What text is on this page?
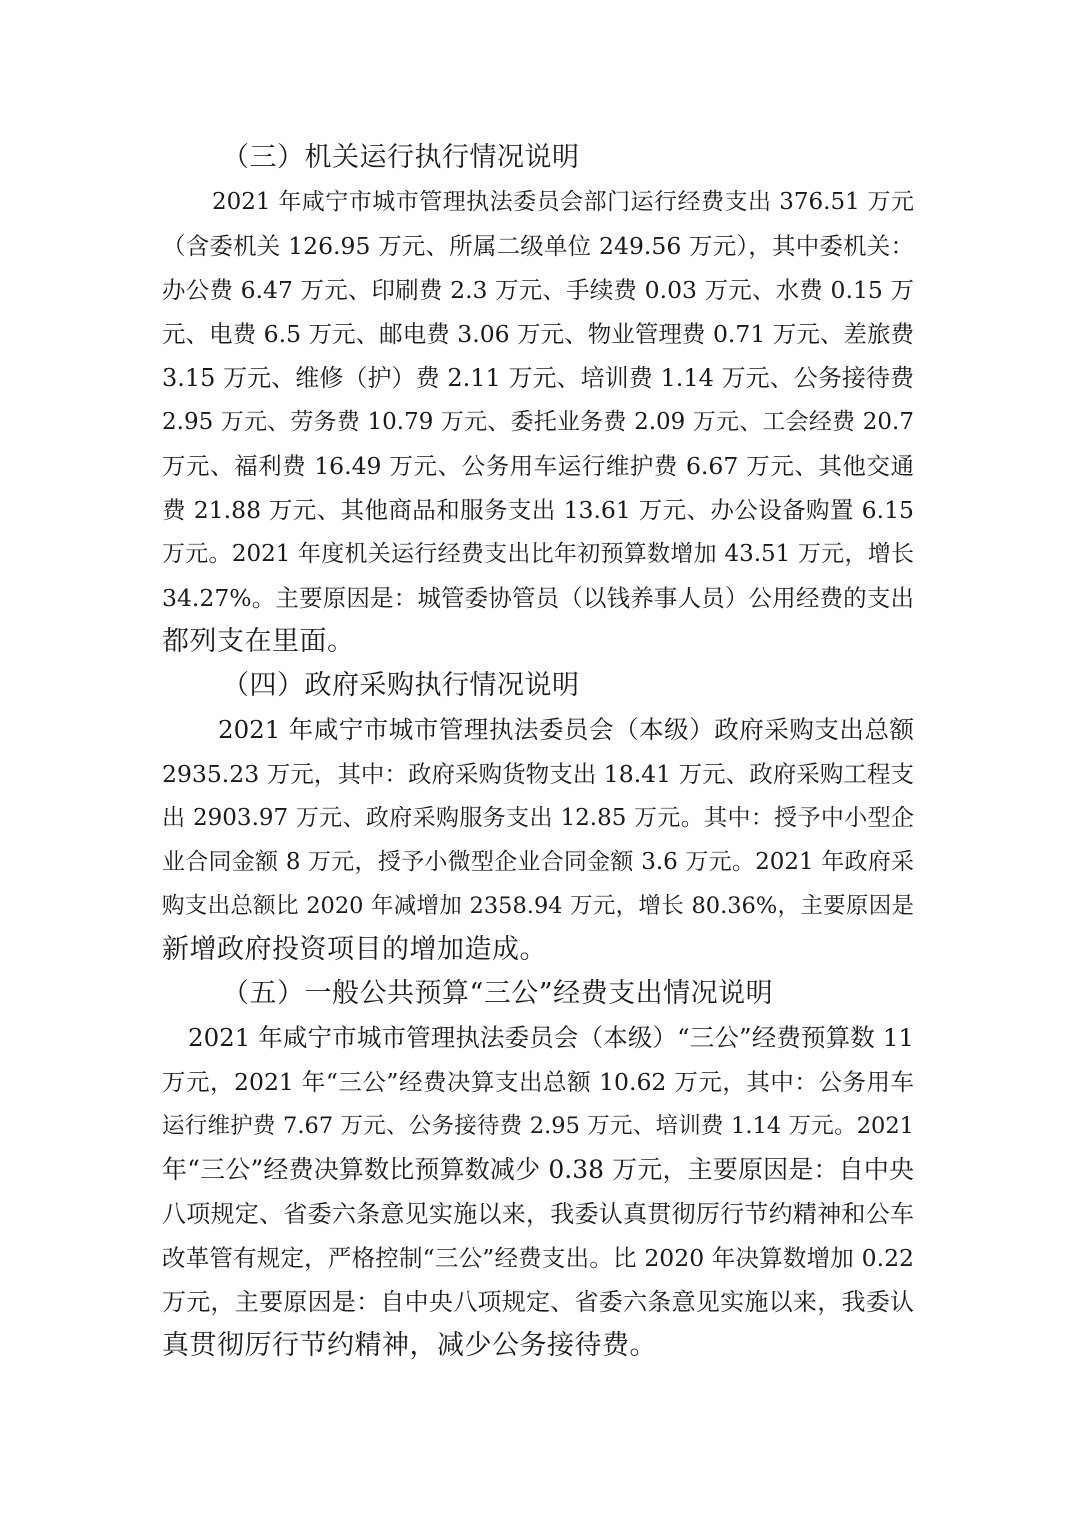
（三）机关运行执行情况说明
2021 年咸宁市城市管理执法委员会部门运行经费支出 376.51 万元
（含委机关 126.95 万元、所属二级单位 249.56 万元），其中委机关：
办公费 6.47 万元、印刷费 2.3 万元、手续费 0.03 万元、水费 0.15 万
元、电费 6.5 万元、邮电费 3.06 万元、物业管理费 0.71 万元、差旅费
3.15 万元、维修（护）费 2.11 万元、培训费 1.14 万元、公务接待费
2.95 万元、劳务费 10.79 万元、委托业务费 2.09 万元、工会经费 20.7
万元、福利费 16.49 万元、公务用车运行维护费 6.67 万元、其他交通
费 21.88 万元、其他商品和服务支出 13.61 万元、办公设备购置 6.15
万元。2021 年度机关运行经费支出比年初预算数增加 43.51 万元，增长
34.27%。主要原因是：城管委协管员（以钱养事人员）公用经费的支出
都列支在里面。
（四）政府采购执行情况说明
2021 年咸宁市城市管理执法委员会（本级）政府采购支出总额
2935.23 万元，其中：政府采购货物支出 18.41 万元、政府采购工程支
出 2903.97 万元、政府采购服务支出 12.85 万元。其中：授予中小型企
业合同金额 8 万元，授予小微型企业合同金额 3.6 万元。2021 年政府采
购支出总额比 2020 年减增加 2358.94 万元，增长 80.36%，主要原因是
新增政府投资项目的增加造成。
（五）一般公共预算“三公”经费支出情况说明
2021 年咸宁市城市管理执法委员会（本级）“三公”经费预算数 11
万元，2021 年“三公”经费决算支出总额 10.62 万元，其中：公务用车
运行维护费 7.67 万元、公务接待费 2.95 万元、培训费 1.14 万元。2021
年“三公”经费决算数比预算数减少 0.38 万元，主要原因是：自中央
八项规定、省委六条意见实施以来，我委认真贯彻厉行节约精神和公车
改革管有规定，严格控制“三公”经费支出。比 2020 年决算数增加 0.22
万元，主要原因是：自中央八项规定、省委六条意见实施以来，我委认
真贯彻厉行节约精神，减少公务接待费。
